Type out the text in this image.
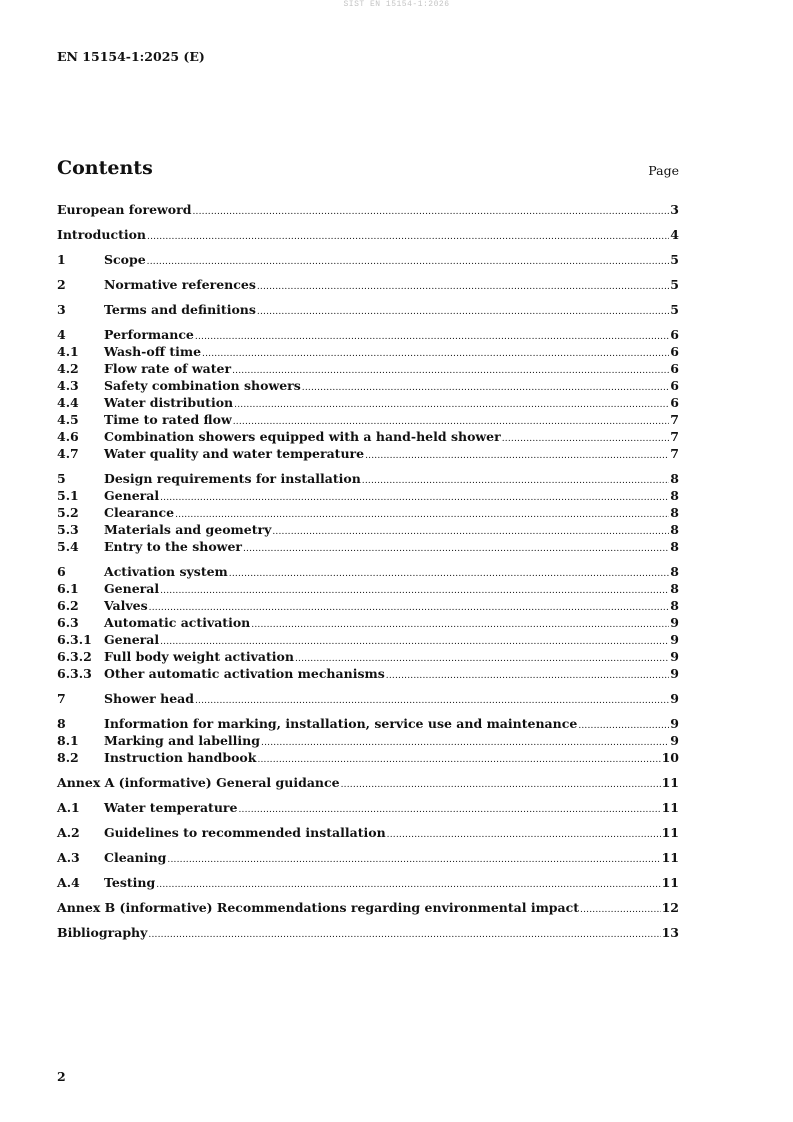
SIST EN 15154-1:2026
EN 15154-1:2025 (E)
Contents	Page
European foreword .....	3
Introduction .....	4
1	Scope .....	5
2	Normative references .....	5
3	Terms and definitions .....	5
4	Performance .....	6
4.1	Wash-off time .....	6
4.2	Flow rate of water .....	6
4.3	Safety combination showers .....	6
4.4	Water distribution .....	6
4.5	Time to rated flow .....	7
4.6	Combination showers equipped with a hand-held shower .....	7
4.7	Water quality and water temperature .....	7
5	Design requirements for installation .....	8
5.1	General .....	8
5.2	Clearance .....	8
5.3	Materials and geometry .....	8
5.4	Entry to the shower .....	8
6	Activation system .....	8
6.1	General .....	8
6.2	Valves .....	8
6.3	Automatic activation .....	9
6.3.1 General .....	9
6.3.2 Full body weight activation .....	9
6.3.3 Other automatic activation mechanisms .....	9
7	Shower head .....	9
8	Information for marking, installation, service use and maintenance .....	9
8.1	Marking and labelling .....	9
8.2	Instruction handbook .....	10
Annex A (informative) General guidance .....	11
A.1	Water temperature .....	11
A.2	Guidelines to recommended installation .....	11
A.3	Cleaning .....	11
A.4	Testing .....	11
Annex B (informative) Recommendations regarding environmental impact .....	12
Bibliography .....	13
2
